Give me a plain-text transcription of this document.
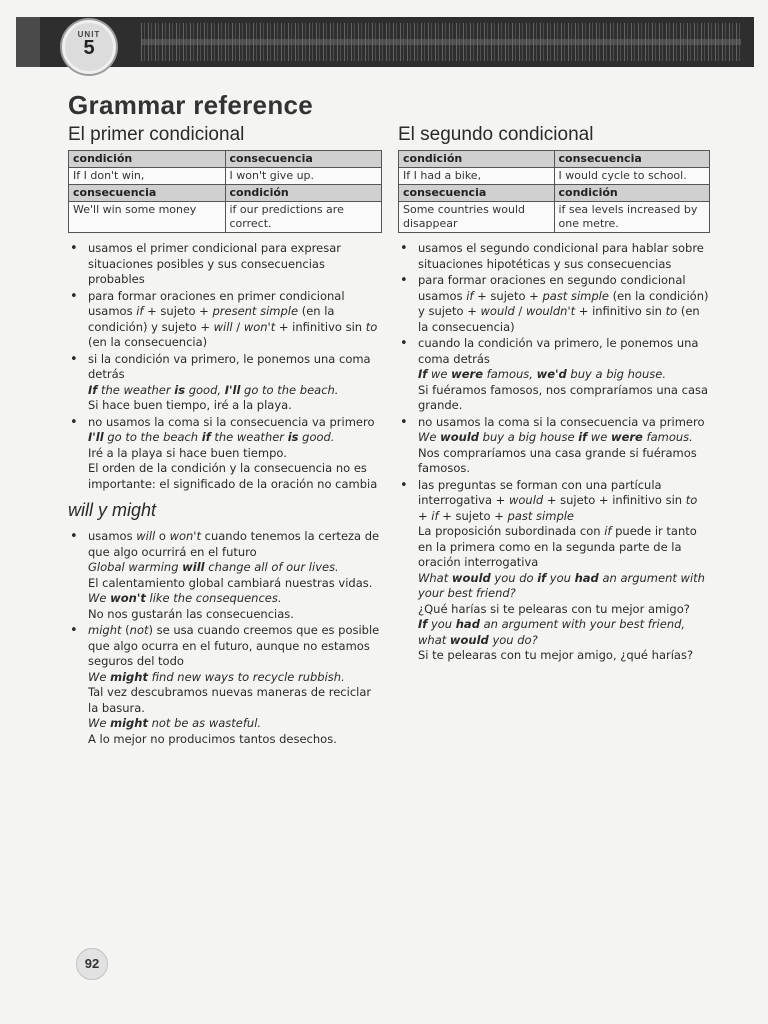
UNIT
5
Grammar reference
El primer condicional
condición	consecuencia
If I don't win,	I won't give up.
consecuencia	condición
We'll win some money	if our predictions are correct.
• usamos el primer condicional para expresar situaciones posibles y sus consecuencias probables
• para formar oraciones en primer condicional usamos if + sujeto + present simple (en la condición) y sujeto + will / won't + infinitivo sin to (en la consecuencia)
• si la condición va primero, le ponemos una coma detrás
If the weather is good, I'll go to the beach.
Si hace buen tiempo, iré a la playa.
• no usamos la coma si la consecuencia va primero
I'll go to the beach if the weather is good.
Iré a la playa si hace buen tiempo.
El orden de la condición y la consecuencia no es importante: el significado de la oración no cambia
will y might
• usamos will o won't cuando tenemos la certeza de que algo ocurrirá en el futuro
Global warming will change all of our lives.
El calentamiento global cambiará nuestras vidas.
We won't like the consequences.
No nos gustarán las consecuencias.
• might (not) se usa cuando creemos que es posible que algo ocurra en el futuro, aunque no estamos seguros del todo
We might find new ways to recycle rubbish.
Tal vez descubramos nuevas maneras de reciclar la basura.
We might not be as wasteful.
A lo mejor no producimos tantos desechos.
El segundo condicional
condición	consecuencia
If I had a bike,	I would cycle to school.
consecuencia	condición
Some countries would disappear	if sea levels increased by one metre.
• usamos el segundo condicional para hablar sobre situaciones hipotéticas y sus consecuencias
• para formar oraciones en segundo condicional usamos if + sujeto + past simple (en la condición) y sujeto + would / wouldn't + infinitivo sin to (en la consecuencia)
• cuando la condición va primero, le ponemos una coma detrás
If we were famous, we'd buy a big house.
Si fuéramos famosos, nos compraríamos una casa grande.
• no usamos la coma si la consecuencia va primero
We would buy a big house if we were famous.
Nos compraríamos una casa grande si fuéramos famosos.
• las preguntas se forman con una partícula interrogativa + would + sujeto + infinitivo sin to + if + sujeto + past simple
La proposición subordinada con if puede ir tanto en la primera como en la segunda parte de la oración interrogativa
What would you do if you had an argument with your best friend?
¿Qué harías si te pelearas con tu mejor amigo?
If you had an argument with your best friend, what would you do?
Si te pelearas con tu mejor amigo, ¿qué harías?
92
